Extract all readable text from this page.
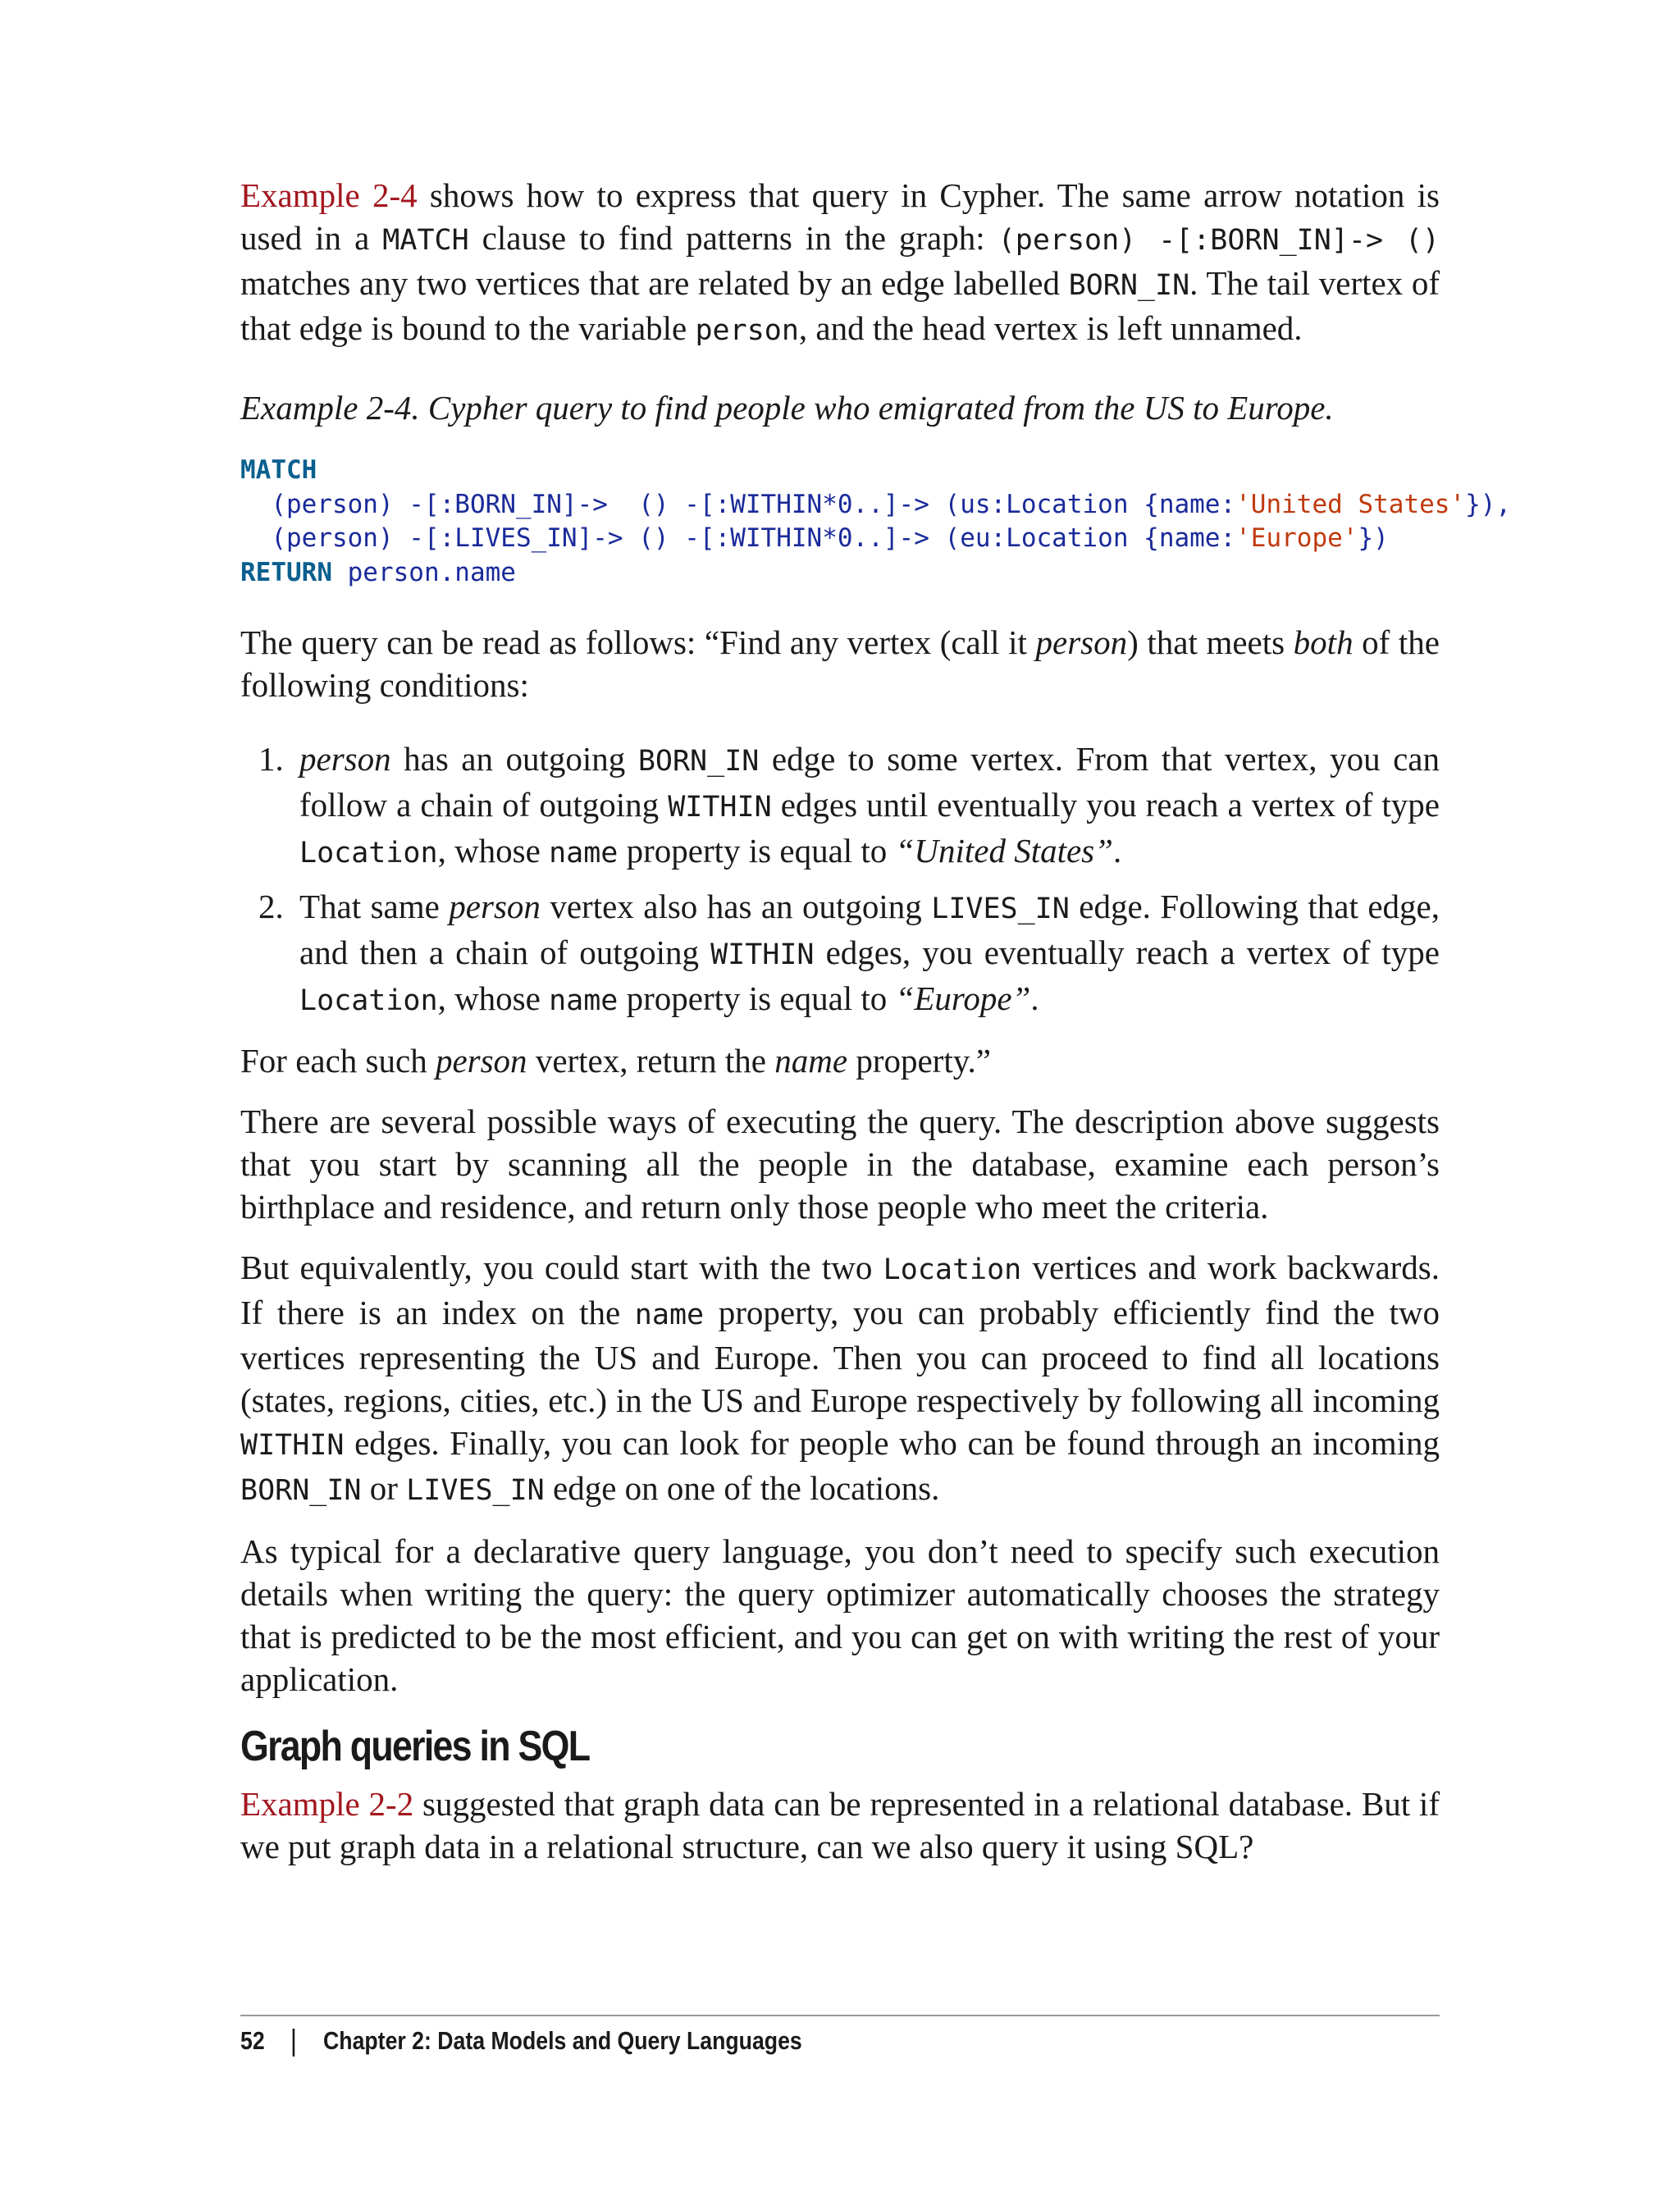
Example 2-4 shows how to express that query in Cypher. The same arrow notation is used in a MATCH clause to find patterns in the graph: (person) -[:BORN_IN]-> () matches any two vertices that are related by an edge labelled BORN_IN. The tail vertex of that edge is bound to the variable person, and the head vertex is left unnamed.

Example 2-4. Cypher query to find people who emigrated from the US to Europe.

MATCH
(person) -[:BORN_IN]->  () -[:WITHIN*0..]-> (us:Location {name:'United States'}),
(person) -[:LIVES_IN]-> () -[:WITHIN*0..]-> (eu:Location {name:'Europe'})
RETURN person.name

The query can be read as follows: “Find any vertex (call it person) that meets both of the following conditions:

1. person has an outgoing BORN_IN edge to some vertex. From that vertex, you can follow a chain of outgoing WITHIN edges until eventually you reach a vertex of type Location, whose name property is equal to “United States”.
2. That same person vertex also has an outgoing LIVES_IN edge. Following that edge, and then a chain of outgoing WITHIN edges, you eventually reach a vertex of type Location, whose name property is equal to “Europe”.

For each such person vertex, return the name property.”

There are several possible ways of executing the query. The description above suggests that you start by scanning all the people in the database, examine each person’s birthplace and residence, and return only those people who meet the criteria.

But equivalently, you could start with the two Location vertices and work backwards. If there is an index on the name property, you can probably efficiently find the two vertices representing the US and Europe. Then you can proceed to find all locations (states, regions, cities, etc.) in the US and Europe respectively by following all incoming WITHIN edges. Finally, you can look for people who can be found through an incoming BORN_IN or LIVES_IN edge on one of the locations.

As typical for a declarative query language, you don’t need to specify such execution details when writing the query: the query optimizer automatically chooses the strategy that is predicted to be the most efficient, and you can get on with writing the rest of your application.

Graph queries in SQL

Example 2-2 suggested that graph data can be represented in a relational database. But if we put graph data in a relational structure, can we also query it using SQL?

52 Chapter 2: Data Models and Query Languages
